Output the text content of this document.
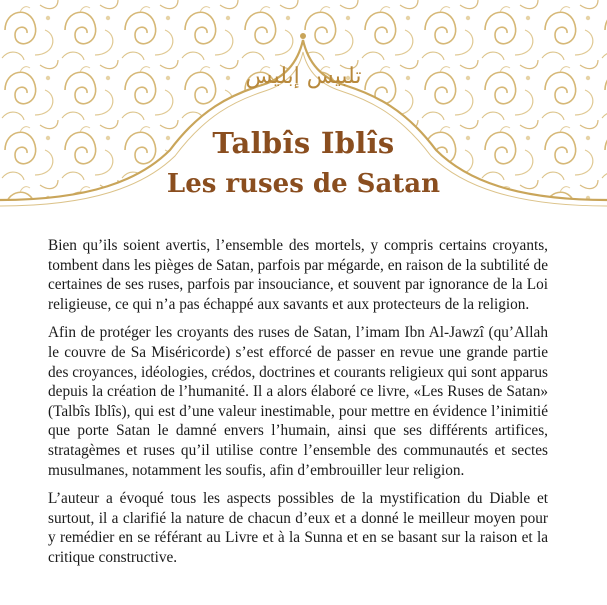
تلبيس إبليس
Talbîs Iblîs
Les ruses de Satan

Bien qu’ils soient avertis, l’ensemble des mortels, y compris certains croyants, tombent dans les pièges de Satan, parfois par mégarde, en raison de la subtilité de certaines de ses ruses, parfois par insouciance, et souvent par ignorance de la Loi religieuse, ce qui n’a pas échappé aux savants et aux protecteurs de la religion.

Afin de protéger les croyants des ruses de Satan, l’imam Ibn Al-Jawzî (qu’Allah le couvre de Sa Miséricorde) s’est efforcé de passer en revue une grande partie des croyances, idéologies, crédos, doctrines et courants religieux qui sont apparus depuis la création de l’humanité. Il a alors élaboré ce livre, «Les Ruses de Satan» (Talbîs Iblîs), qui est d’une valeur inestimable, pour mettre en évidence l’inimitié que porte Satan le damné envers l’humain, ainsi que ses différents artifices, stratagèmes et ruses qu’il utilise contre l’ensemble des communautés et sectes musulmanes, notamment les soufis, afin d’embrouiller leur religion.

L’auteur a évoqué tous les aspects possibles de la mystification du Diable et surtout, il a clarifié la nature de chacun d’eux et a donné le meilleur moyen pour y remédier en se référant au Livre et à la Sunna et en se basant sur la raison et la critique constructive.
